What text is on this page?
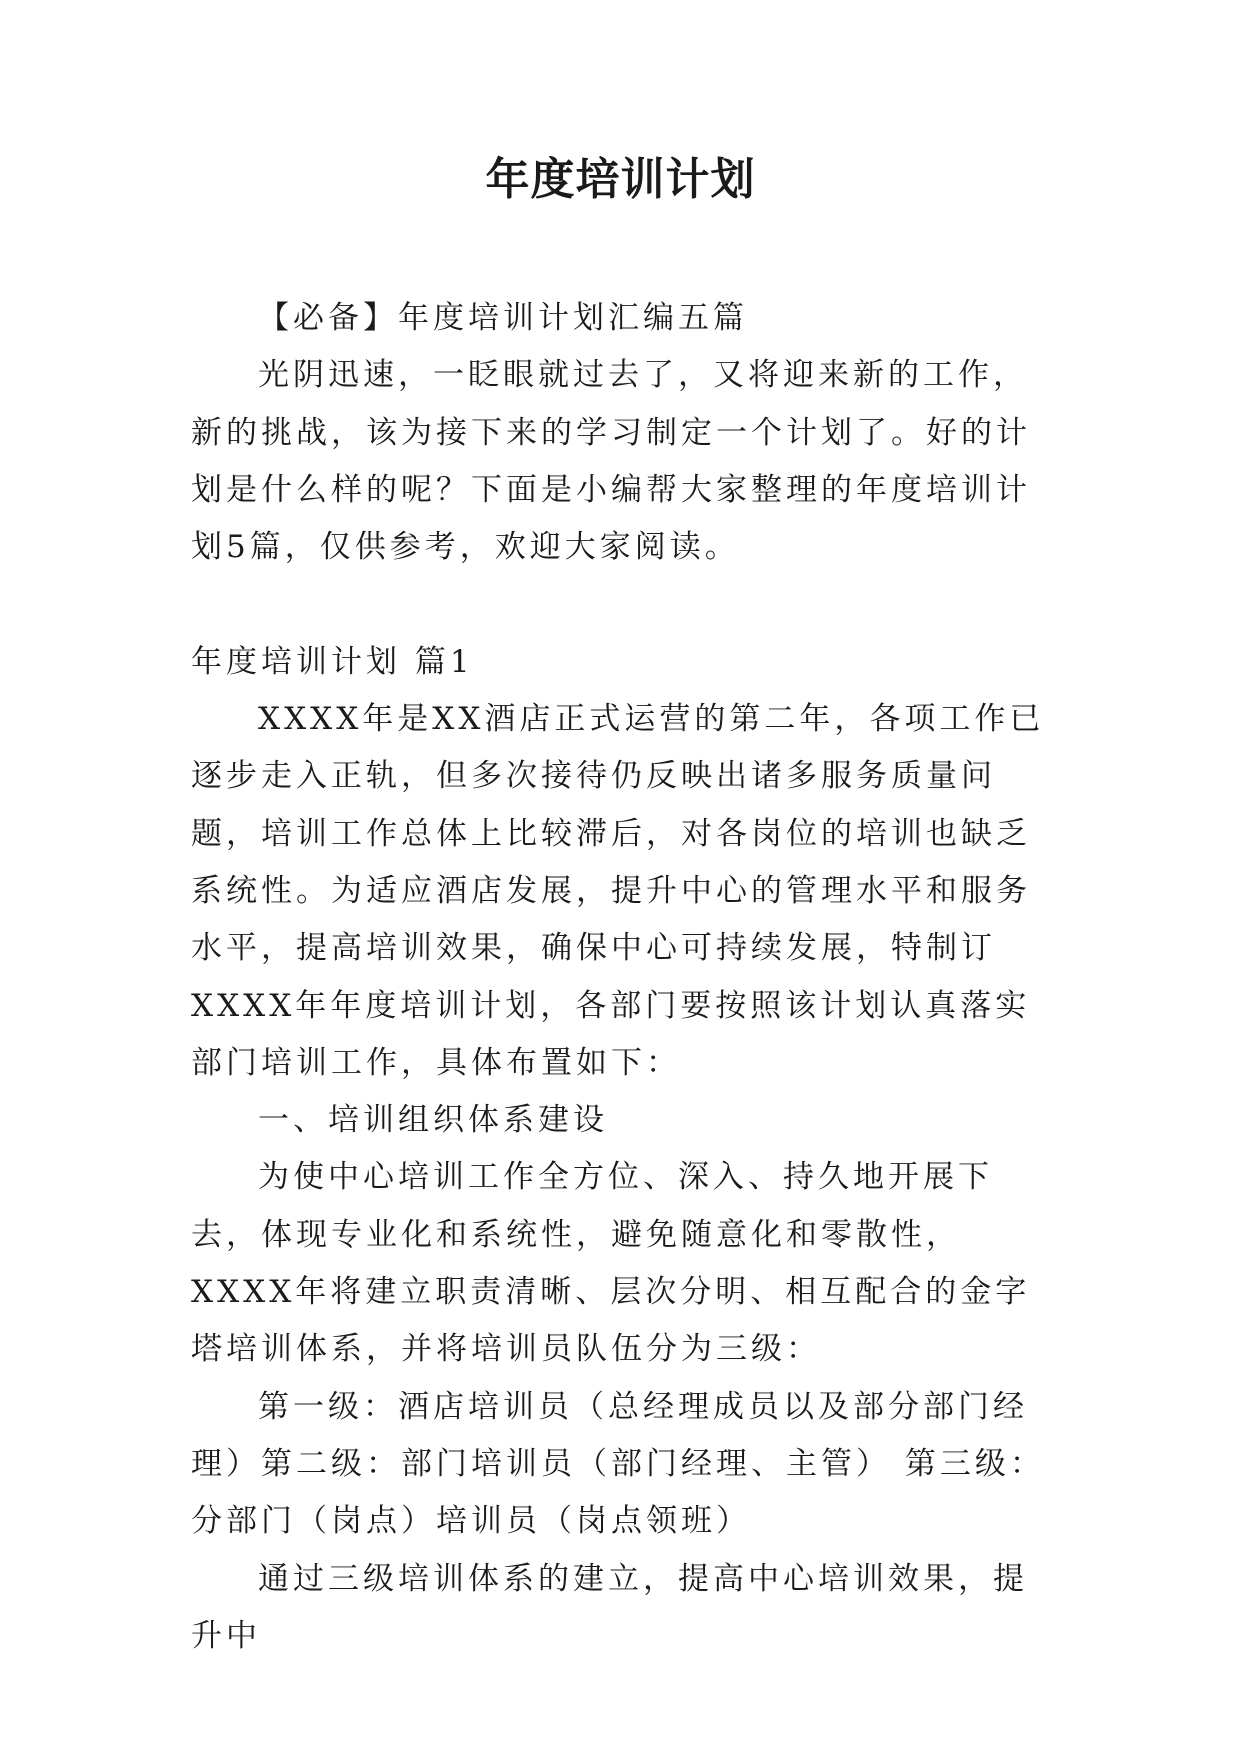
年度培训计划

【必备】年度培训计划汇编五篇

光阴迅速，一眨眼就过去了，又将迎来新的工作，新的挑战，该为接下来的学习制定一个计划了。好的计划是什么样的呢？下面是小编帮大家整理的年度培训计划5篇，仅供参考，欢迎大家阅读。

年度培训计划 篇1

XXXX年是XX酒店正式运营的第二年，各项工作已逐步走入正轨，但多次接待仍反映出诸多服务质量问题，培训工作总体上比较滞后，对各岗位的培训也缺乏系统性。为适应酒店发展，提升中心的管理水平和服务水平，提高培训效果，确保中心可持续发展，特制订XXXX年年度培训计划，各部门要按照该计划认真落实部门培训工作，具体布置如下：

一、培训组织体系建设

为使中心培训工作全方位、深入、持久地开展下去，体现专业化和系统性，避免随意化和零散性，XXXX年将建立职责清晰、层次分明、相互配合的金字塔培训体系，并将培训员队伍分为三级：

第一级：酒店培训员（总经理成员以及部分部门经理）第二级：部门培训员（部门经理、主管） 第三级：分部门（岗点）培训员（岗点领班）

通过三级培训体系的建立，提高中心培训效果，提升中
